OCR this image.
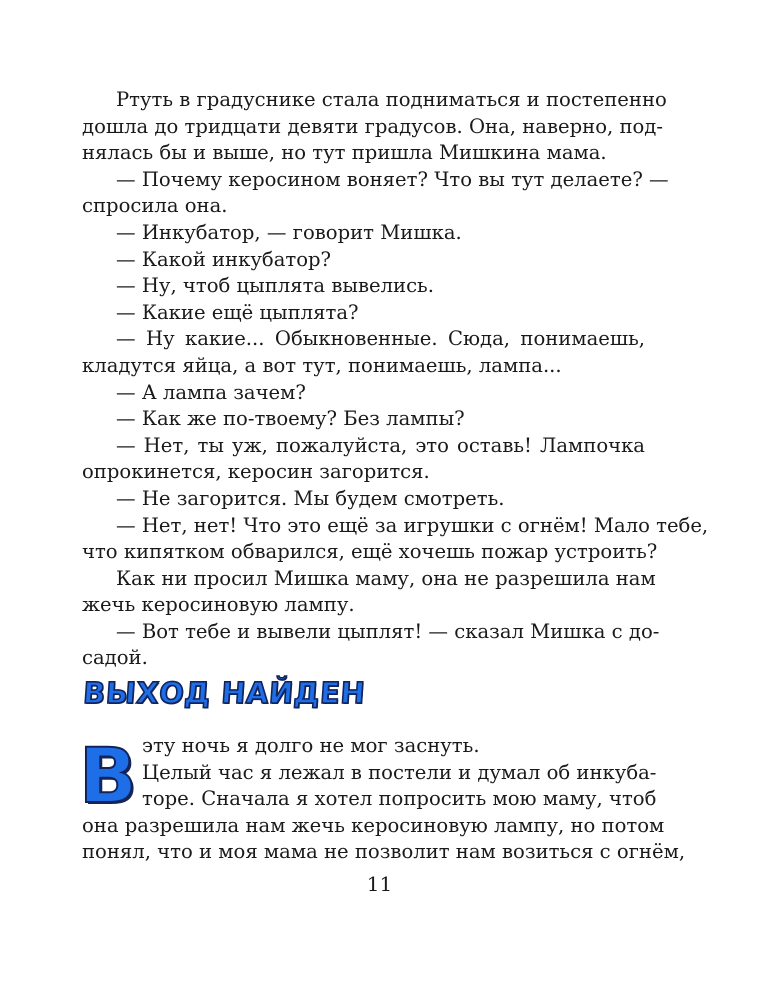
Ртуть в градуснике стала подниматься и постепенно
дошла до тридцати девяти градусов. Она, наверно, под-
нялась бы и выше, но тут пришла Мишкина мама.
— Почему керосином воняет? Что вы тут делаете? —
спросила она.
— Инкубатор, — говорит Мишка.
— Какой инкубатор?
— Ну, чтоб цыплята вывелись.
— Какие ещё цыплята?
— Ну какие... Обыкновенные. Сюда, понимаешь,
кладутся яйца, а вот тут, понимаешь, лампа...
— А лампа зачем?
— Как же по-твоему? Без лампы?
— Нет, ты уж, пожалуйста, это оставь! Лампочка
опрокинется, керосин загорится.
— Не загорится. Мы будем смотреть.
— Нет, нет! Что это ещё за игрушки с огнём! Мало тебе,
что кипятком обварился, ещё хочешь пожар устроить?
Как ни просил Мишка маму, она не разрешила нам
жечь керосиновую лампу.
— Вот тебе и вывели цыплят! — сказал Мишка с до-
садой.
ВЫХОД НАЙДЕН
В эту ночь я долго не мог заснуть.
Целый час я лежал в постели и думал об инкуба-
торе. Сначала я хотел попросить мою маму, чтоб
она разрешила нам жечь керосиновую лампу, но потом
понял, что и моя мама не позволит нам возиться с огнём,
11
